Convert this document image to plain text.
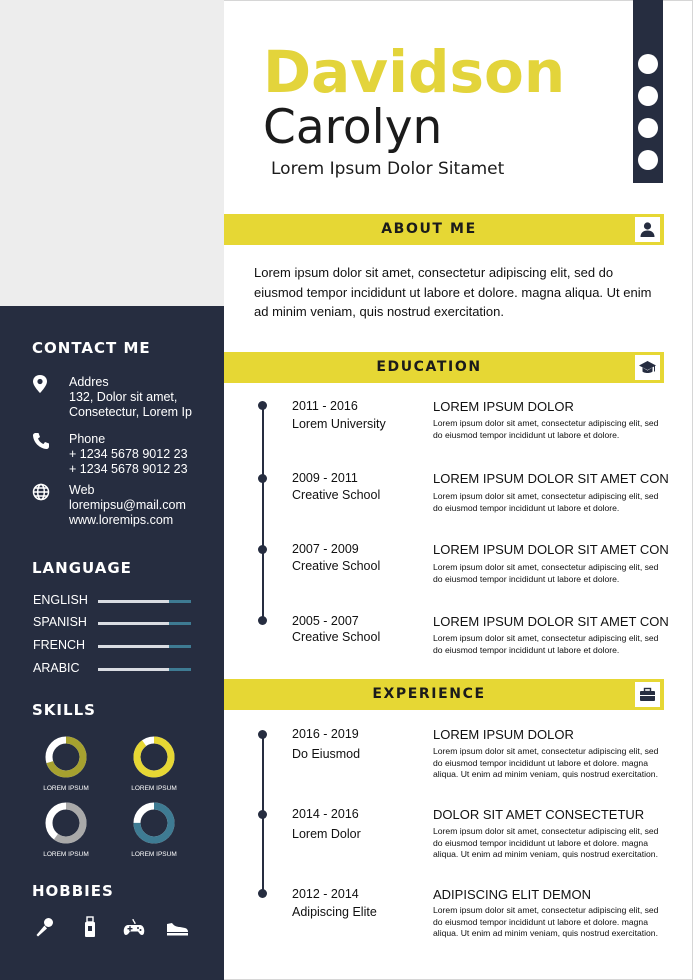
CONTACT ME
Addres
132, Dolor sit amet,
Consetectur, Lorem Ip
Phone
+ 1234 5678 9012 23
+ 1234 5678 9012 23
Web
loremipsu@mail.com
www.loremips.com
LANGUAGE
ENGLISH
SPANISH
FRENCH
ARABIC
SKILLS
LOREM IPSUM	LOREM IPSUM
LOREM IPSUM	LOREM IPSUM
HOBBIES
Davidson
Carolyn
Lorem Ipsum Dolor Sitamet
ABOUT ME
Lorem ipsum dolor sit amet, consectetur adipiscing elit, sed do eiusmod tempor incididunt ut labore et dolore. magna aliqua. Ut enim ad minim veniam, quis nostrud exercitation.
EDUCATION
2011 - 2016
Lorem University
LOREM IPSUM DOLOR
Lorem ipsum dolor sit amet, consectetur adipiscing elit, sed do eiusmod tempor incididunt ut labore et dolore.
2009 - 2011
Creative School
LOREM IPSUM DOLOR SIT AMET CON
Lorem ipsum dolor sit amet, consectetur adipiscing elit, sed do eiusmod tempor incididunt ut labore et dolore.
2007 - 2009
Creative School
LOREM IPSUM DOLOR SIT AMET CON
Lorem ipsum dolor sit amet, consectetur adipiscing elit, sed do eiusmod tempor incididunt ut labore et dolore.
2005 - 2007
Creative School
LOREM IPSUM DOLOR SIT AMET CON
Lorem ipsum dolor sit amet, consectetur adipiscing elit, sed do eiusmod tempor incididunt ut labore et dolore.
EXPERIENCE
2016 - 2019
Do Eiusmod
LOREM IPSUM DOLOR
Lorem ipsum dolor sit amet, consectetur adipiscing elit, sed do eiusmod tempor incididunt ut labore et dolore. magna aliqua. Ut enim ad minim veniam, quis nostrud exercitation.
2014 - 2016
Lorem Dolor
DOLOR SIT AMET CONSECTETUR
Lorem ipsum dolor sit amet, consectetur adipiscing elit, sed do eiusmod tempor incididunt ut labore et dolore. magna aliqua. Ut enim ad minim veniam, quis nostrud exercitation.
2012 - 2014
Adipiscing Elite
ADIPISCING ELIT DEMON
Lorem ipsum dolor sit amet, consectetur adipiscing elit, sed do eiusmod tempor incididunt ut labore et dolore. magna aliqua. Ut enim ad minim veniam, quis nostrud exercitation.
